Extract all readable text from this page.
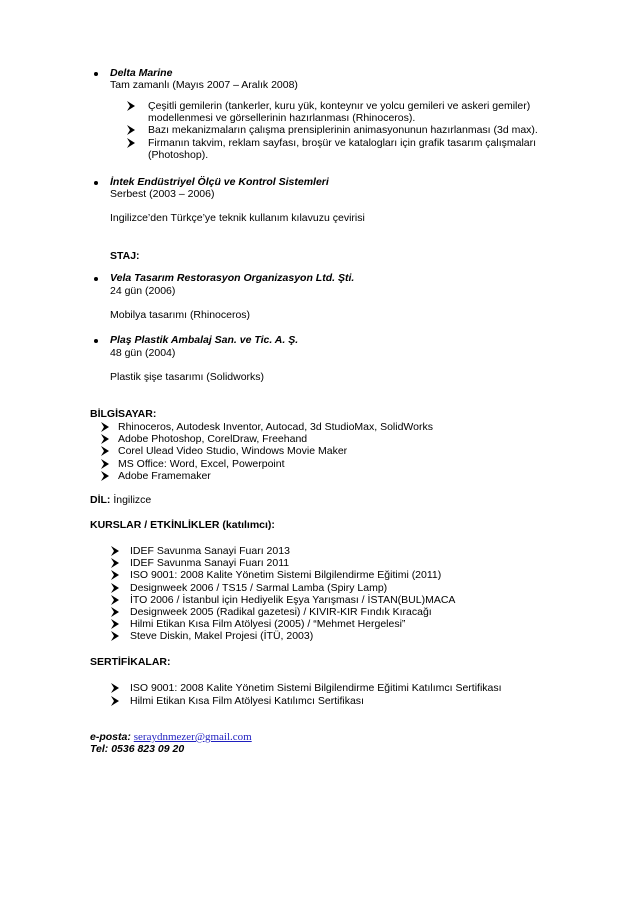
Delta Marine
Tam zamanlı (Mayıs 2007 – Aralık 2008)
Çeşitli gemilerin (tankerler, kuru yük, konteynır ve yolcu gemileri ve askeri gemiler)
modellenmesi ve görsellerinin hazırlanması (Rhinoceros).
Bazı mekanizmaların çalışma prensiplerinin animasyonunun hazırlanması (3d max).
Firmanın takvim, reklam sayfası, broşür ve katalogları için grafik tasarım çalışmaları
(Photoshop).
İntek Endüstriyel Ölçü ve Kontrol Sistemleri
Serbest (2003 – 2006)
Ingilizce’den Türkçe’ye teknik kullanım kılavuzu çevirisi
STAJ:
Vela Tasarım Restorasyon Organizasyon Ltd. Şti.
24 gün (2006)
Mobilya tasarımı (Rhinoceros)
Plaş Plastik Ambalaj San. ve Tic. A. Ş.
48 gün (2004)
Plastik şişe tasarımı (Solidworks)
BİLGİSAYAR:
Rhinoceros, Autodesk Inventor, Autocad, 3d StudioMax, SolidWorks
Adobe Photoshop, CorelDraw, Freehand
Corel Ulead Video Studio, Windows Movie Maker
MS Office: Word, Excel, Powerpoint
Adobe Framemaker
DİL: İngilizce
KURSLAR / ETKİNLİKLER (katılımcı):
IDEF Savunma Sanayi Fuarı 2013
IDEF Savunma Sanayi Fuarı 2011
ISO 9001: 2008 Kalite Yönetim Sistemi Bilgilendirme Eğitimi (2011)
Designweek 2006 / TS15 / Sarmal Lamba (Spiry Lamp)
İTO 2006 / İstanbul için Hediyelik Eşya Yarışması / İSTAN(BUL)MACA
Designweek 2005 (Radikal gazetesi) / KIVIR-KIR Fındık Kıracağı
Hilmi Etikan Kısa Film Atölyesi (2005) / “Mehmet Hergelesi”
Steve Diskin, Makel Projesi (İTÜ, 2003)
SERTİFİKALAR:
ISO 9001: 2008 Kalite Yönetim Sistemi Bilgilendirme Eğitimi Katılımcı Sertifikası
Hilmi Etikan Kısa Film Atölyesi Katılımcı Sertifikası
e-posta: seraydnmezer@gmail.com
Tel: 0536 823 09 20
